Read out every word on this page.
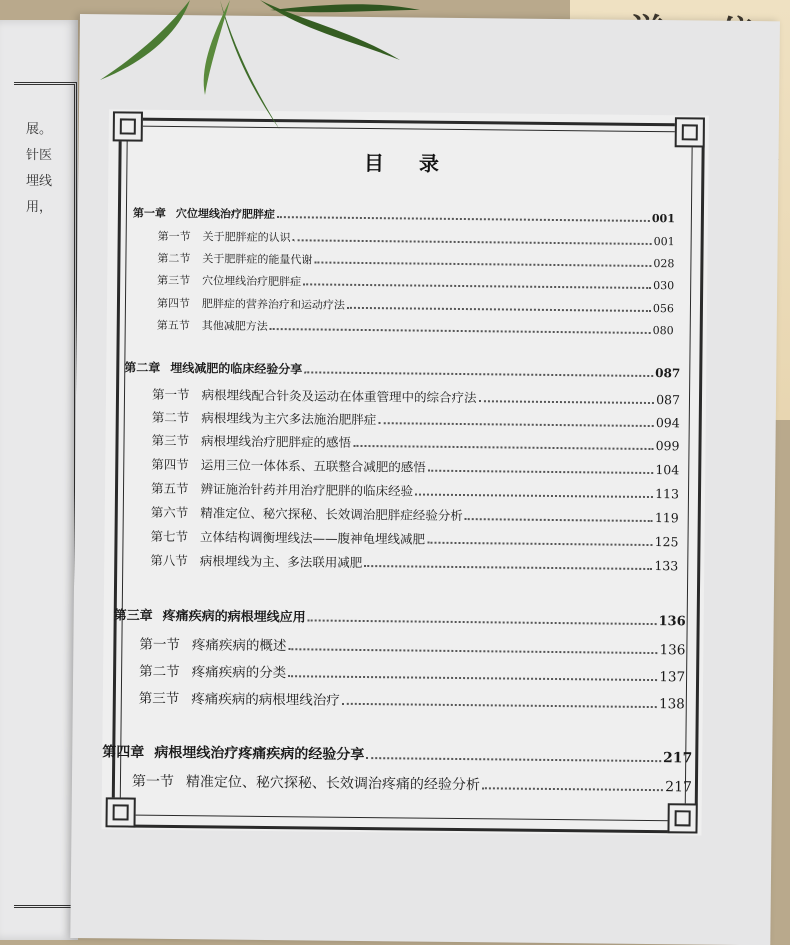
展。
针医
埋线
用，
目 录
第一章 穴位埋线治疗肥胖症	001
第一节 关于肥胖症的认识	001
第二节 关于肥胖症的能量代谢	028
第三节 穴位埋线治疗肥胖症	030
第四节 肥胖症的营养治疗和运动疗法	056
第五节 其他减肥方法	080
第二章 埋线减肥的临床经验分享	087
第一节 病根埋线配合针灸及运动在体重管理中的综合疗法	087
第二节 病根埋线为主穴多法施治肥胖症	094
第三节 病根埋线治疗肥胖症的感悟	099
第四节 运用三位一体体系、五联整合减肥的感悟	104
第五节 辨证施治针药并用治疗肥胖的临床经验	113
第六节 精准定位、秘穴探秘、长效调治肥胖症经验分析	119
第七节 立体结构调衡埋线法——腹神龟埋线减肥	125
第八节 病根埋线为主、多法联用减肥	133
第三章 疼痛疾病的病根埋线应用	136
第一节 疼痛疾病的概述	136
第二节 疼痛疾病的分类	137
第三节 疼痛疾病的病根埋线治疗	138
第四章 病根埋线治疗疼痛疾病的经验分享	217
第一节 精准定位、秘穴探秘、长效调治疼痛的经验分析	217
